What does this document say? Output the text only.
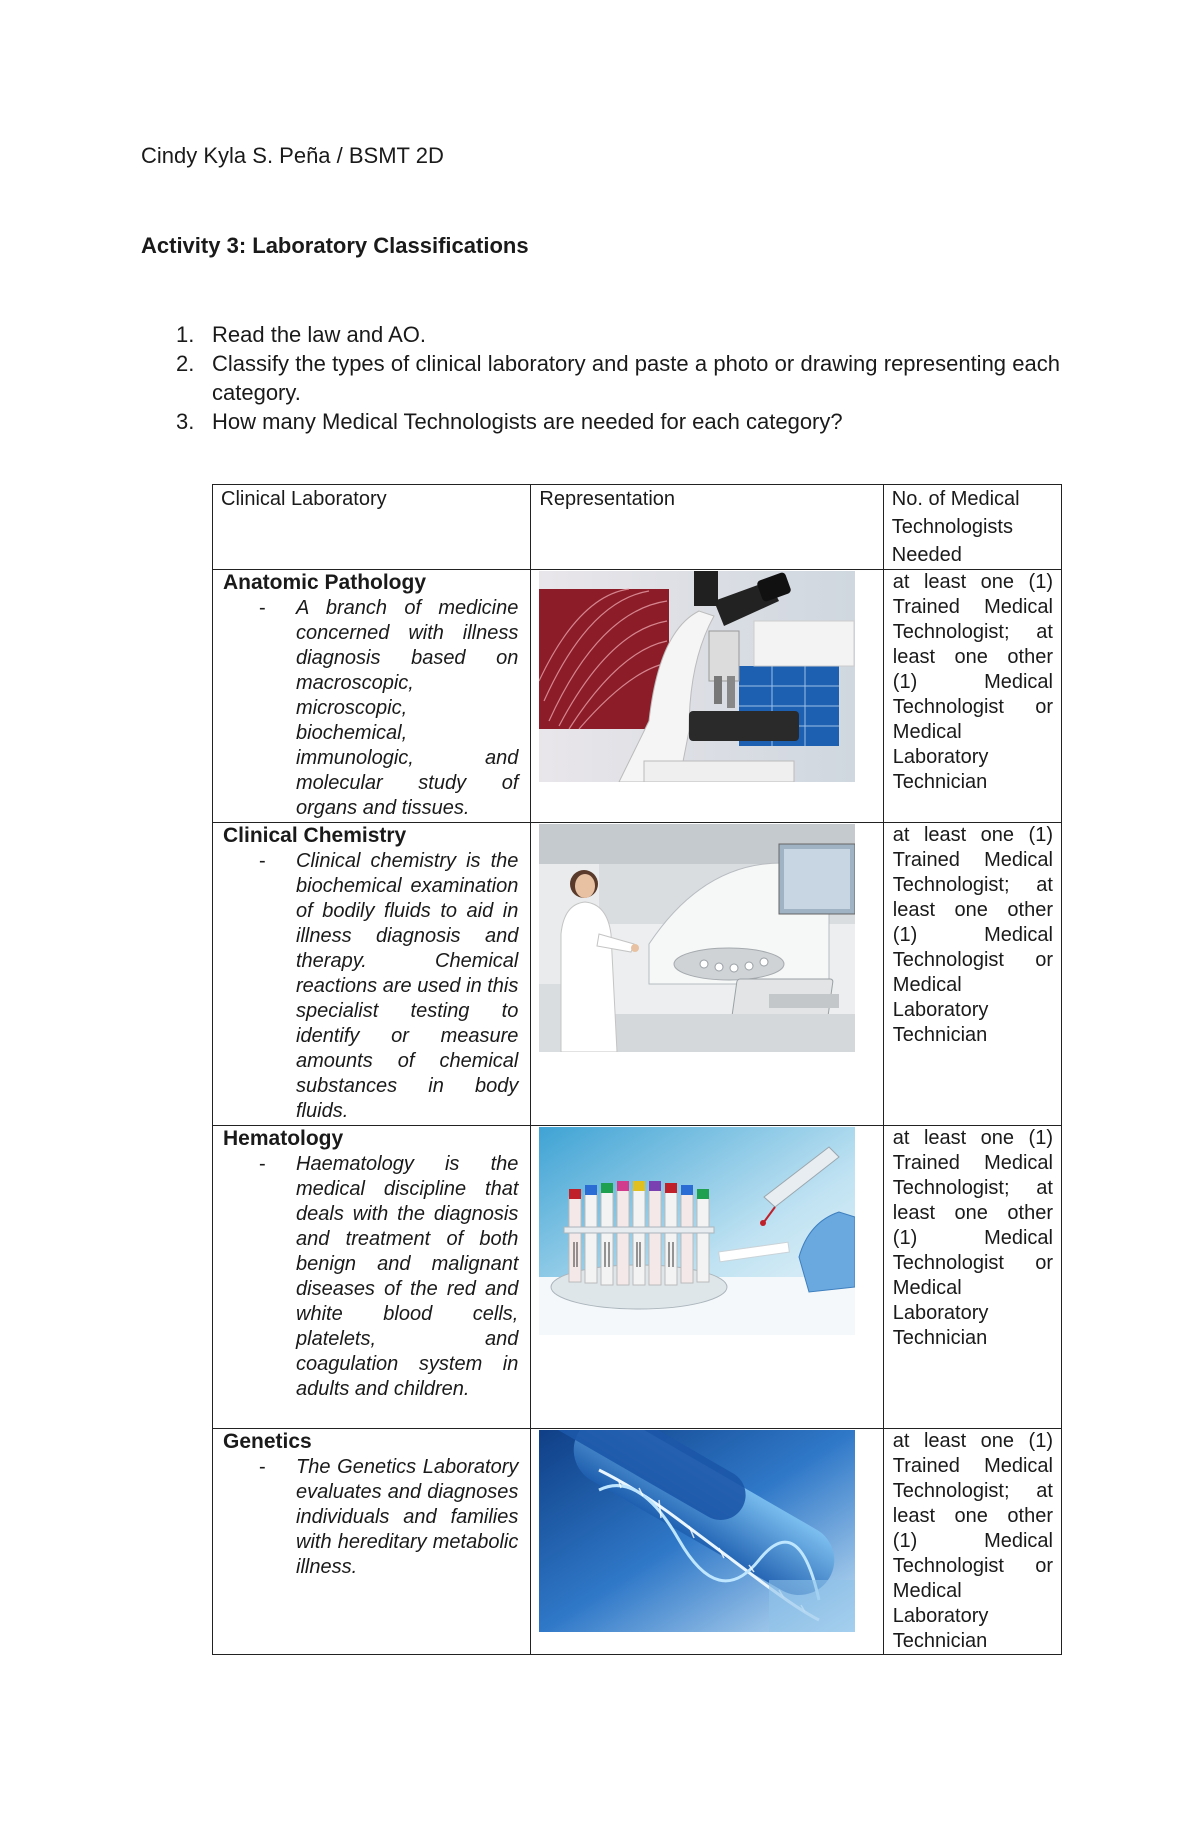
Cindy Kyla S. Peña / BSMT 2D
Activity 3: Laboratory Classifications
1. Read the law and AO.
2. Classify the types of clinical laboratory and paste a photo or drawing representing each category.
3. How many Medical Technologists are needed for each category?
Clinical Laboratory	Representation	No. of Medical Technologists Needed

Anatomic Pathology
- A branch of medicine concerned with illness diagnosis based on macroscopic, microscopic, biochemical, immunologic, and molecular study of organs and tissues.		at least one (1) Trained Medical Technologist; at least one other (1) Medical Technologist or Medical Laboratory Technician

Clinical Chemistry
- Clinical chemistry is the biochemical examination of bodily fluids to aid in illness diagnosis and therapy. Chemical reactions are used in this specialist testing to identify or measure amounts of chemical substances in body fluids.		at least one (1) Trained Medical Technologist; at least one other (1) Medical Technologist or Medical Laboratory Technician

Hematology
- Haematology is the medical discipline that deals with the diagnosis and treatment of both benign and malignant diseases of the red and white blood cells, platelets, and coagulation system in adults and children.		at least one (1) Trained Medical Technologist; at least one other (1) Medical Technologist or Medical Laboratory Technician

Genetics
- The Genetics Laboratory evaluates and diagnoses individuals and families with hereditary metabolic illness.		at least one (1) Trained Medical Technologist; at least one other (1) Medical Technologist or Medical Laboratory Technician
